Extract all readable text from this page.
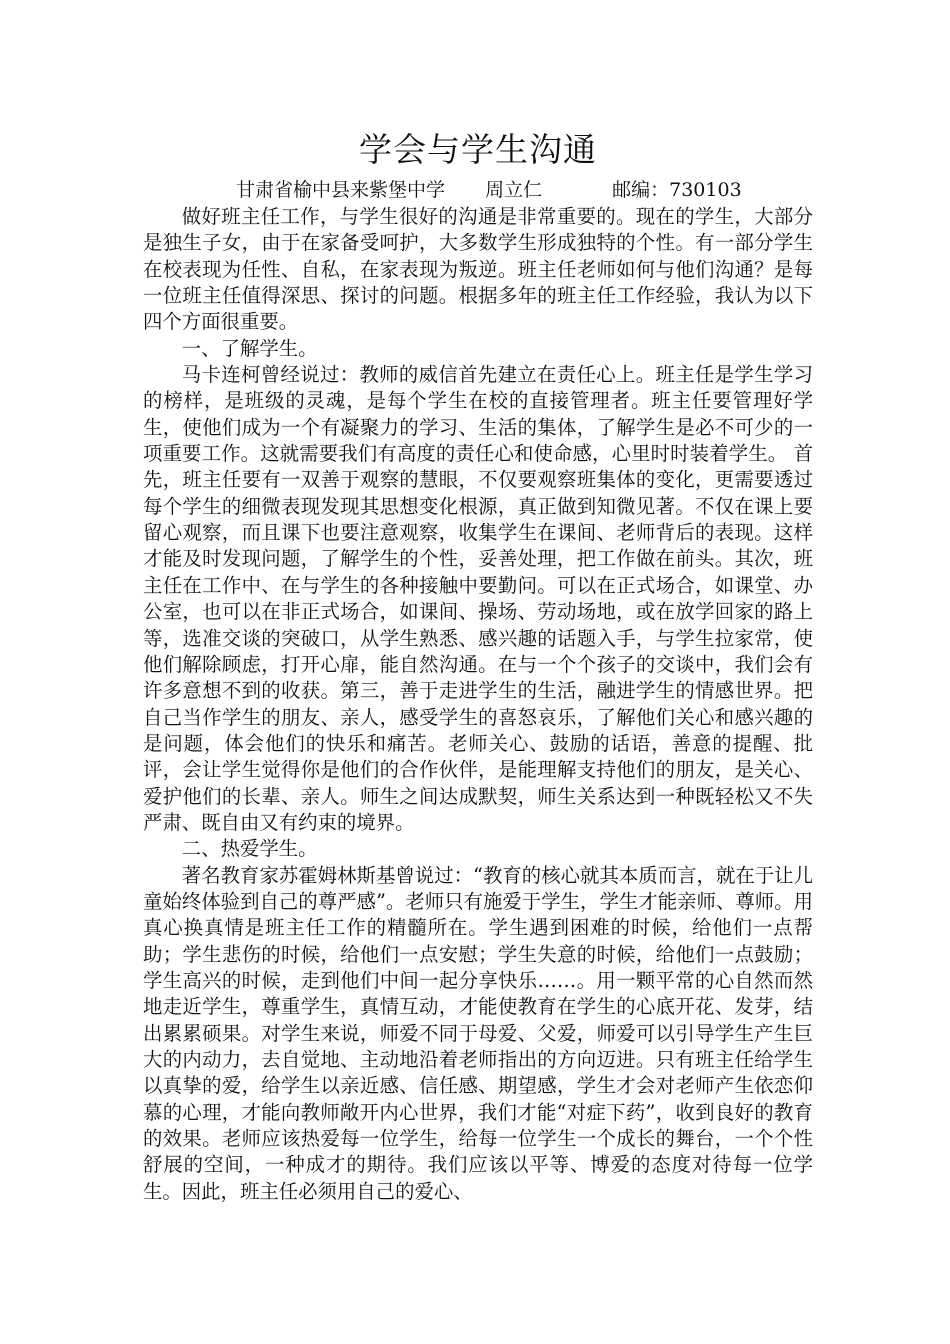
学会与学生沟通
甘肃省榆中县来紫堡中学 周立仁	邮编：730103

做好班主任工作，与学生很好的沟通是非常重要的。现在的学生，大部分是独生子女，由于在家备受呵护，大多数学生形成独特的个性。有一部分学生在校表现为任性、自私，在家表现为叛逆。班主任老师如何与他们沟通？是每一位班主任值得深思、探讨的问题。根据多年的班主任工作经验，我认为以下四个方面很重要。

一、了解学生。

马卡连柯曾经说过：教师的威信首先建立在责任心上。班主任是学生学习的榜样，是班级的灵魂，是每个学生在校的直接管理者。班主任要管理好学生，使他们成为一个有凝聚力的学习、生活的集体，了解学生是必不可少的一项重要工作。这就需要我们有高度的责任心和使命感，心里时时装着学生。 首先，班主任要有一双善于观察的慧眼，不仅要观察班集体的变化，更需要透过每个学生的细微表现发现其思想变化根源，真正做到知微见著。不仅在课上要留心观察，而且课下也要注意观察，收集学生在课间、老师背后的表现。这样才能及时发现问题，了解学生的个性，妥善处理，把工作做在前头。其次，班主任在工作中、在与学生的各种接触中要勤问。可以在正式场合，如课堂、办公室，也可以在非正式场合，如课间、操场、劳动场地，或在放学回家的路上等，选准交谈的突破口，从学生熟悉、感兴趣的话题入手，与学生拉家常，使他们解除顾虑，打开心扉，能自然沟通。在与一个个孩子的交谈中，我们会有许多意想不到的收获。第三，善于走进学生的生活，融进学生的情感世界。把自己当作学生的朋友、亲人，感受学生的喜怒哀乐，了解他们关心和感兴趣的是问题，体会他们的快乐和痛苦。老师关心、鼓励的话语，善意的提醒、批评，会让学生觉得你是他们的合作伙伴，是能理解支持他们的朋友，是关心、爱护他们的长辈、亲人。师生之间达成默契，师生关系达到一种既轻松又不失严肃、既自由又有约束的境界。

二、热爱学生。

著名教育家苏霍姆林斯基曾说过：“教育的核心就其本质而言，就在于让儿童始终体验到自己的尊严感”。老师只有施爱于学生，学生才能亲师、尊师。用真心换真情是班主任工作的精髓所在。学生遇到困难的时候，给他们一点帮助；学生悲伤的时候，给他们一点安慰；学生失意的时候，给他们一点鼓励；学生高兴的时候，走到他们中间一起分享快乐……。用一颗平常的心自然而然地走近学生，尊重学生，真情互动，才能使教育在学生的心底开花、发芽，结出累累硕果。对学生来说，师爱不同于母爱、父爱，师爱可以引导学生产生巨大的内动力，去自觉地、主动地沿着老师指出的方向迈进。只有班主任给学生以真挚的爱，给学生以亲近感、信任感、期望感，学生才会对老师产生依恋仰慕的心理，才能向教师敞开内心世界，我们才能“对症下药”，收到良好的教育的效果。老师应该热爱每一位学生，给每一位学生一个成长的舞台，一个个性舒展的空间，一种成才的期待。我们应该以平等、博爱的态度对待每一位学生。因此，班主任必须用自己的爱心、
